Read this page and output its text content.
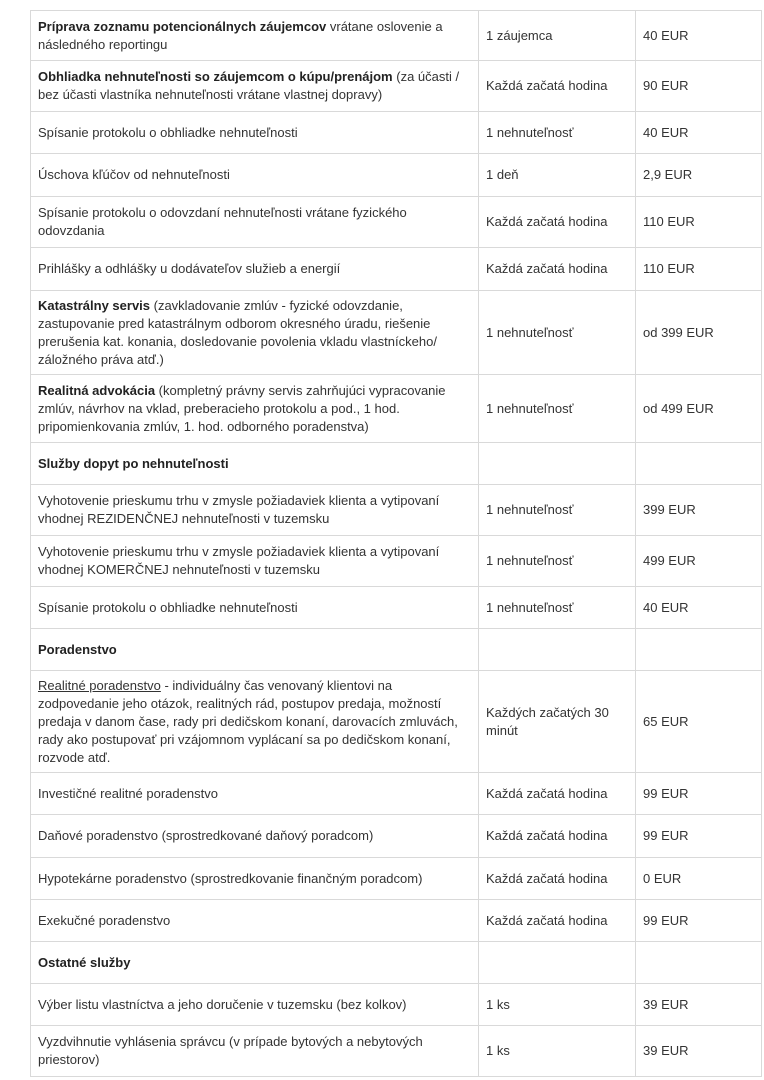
Príprava zoznamu potencionálnych záujemcov vrátane oslovenie a následného reportingu	1 záujemca	40 EUR
Obhliadka nehnuteľnosti so záujemcom o kúpu/prenájom (za účasti / bez účasti vlastníka nehnuteľnosti vrátane vlastnej dopravy)	Každá začatá hodina	90 EUR
Spísanie protokolu o obhliadke nehnuteľnosti	1 nehnuteľnosť	40 EUR
Úschova kľúčov od nehnuteľnosti	1 deň	2,9 EUR
Spísanie protokolu o odovzdaní nehnuteľnosti vrátane fyzického odovzdania	Každá začatá hodina	110 EUR
Prihlášky a odhlášky u dodávateľov služieb a energií	Každá začatá hodina	110 EUR
Katastrálny servis (zavkladovanie zmlúv - fyzické odovzdanie, zastupovanie pred katastrálnym odborom okresného úradu, riešenie prerušenia kat. konania, dosledovanie povolenia vkladu vlastníckeho/ záložného práva atď.)	1 nehnuteľnosť	od 399 EUR
Realitná advokácia (kompletný právny servis zahrňujúci vypracovanie zmlúv, návrhov na vklad, preberacieho protokolu a pod., 1 hod. pripomienkovania zmlúv, 1. hod. odborného poradenstva)	1 nehnuteľnosť	od 499 EUR
Služby dopyt po nehnuteľnosti		
Vyhotovenie prieskumu trhu v zmysle požiadaviek klienta a vytipovaní vhodnej REZIDENČNEJ nehnuteľnosti v tuzemsku	1 nehnuteľnosť	399 EUR
Vyhotovenie prieskumu trhu v zmysle požiadaviek klienta a vytipovaní vhodnej KOMERČNEJ nehnuteľnosti v tuzemsku	1 nehnuteľnosť	499 EUR
Spísanie protokolu o obhliadke nehnuteľnosti	1 nehnuteľnosť	40 EUR
Poradenstvo		
Realitné poradenstvo - individuálny čas venovaný klientovi na zodpovedanie jeho otázok, realitných rád, postupov predaja, možností predaja v danom čase, rady pri dedičskom konaní, darovacích zmluvách, rady ako postupovať pri vzájomnom vyplácaní sa po dedičskom konaní, rozvode atď.	Každých začatých 30 minút	65 EUR
Investičné realitné poradenstvo	Každá začatá hodina	99 EUR
Daňové poradenstvo (sprostredkované daňový poradcom)	Každá začatá hodina	99 EUR
Hypotekárne poradenstvo (sprostredkovanie finančným poradcom)	Každá začatá hodina	0 EUR
Exekučné poradenstvo	Každá začatá hodina	99 EUR
Ostatné služby		
Výber listu vlastníctva a jeho doručenie v tuzemsku (bez kolkov)	1 ks	39 EUR
Vyzdvihnutie vyhlásenia správcu (v prípade bytových a nebytových priestorov)	1 ks	39 EUR
